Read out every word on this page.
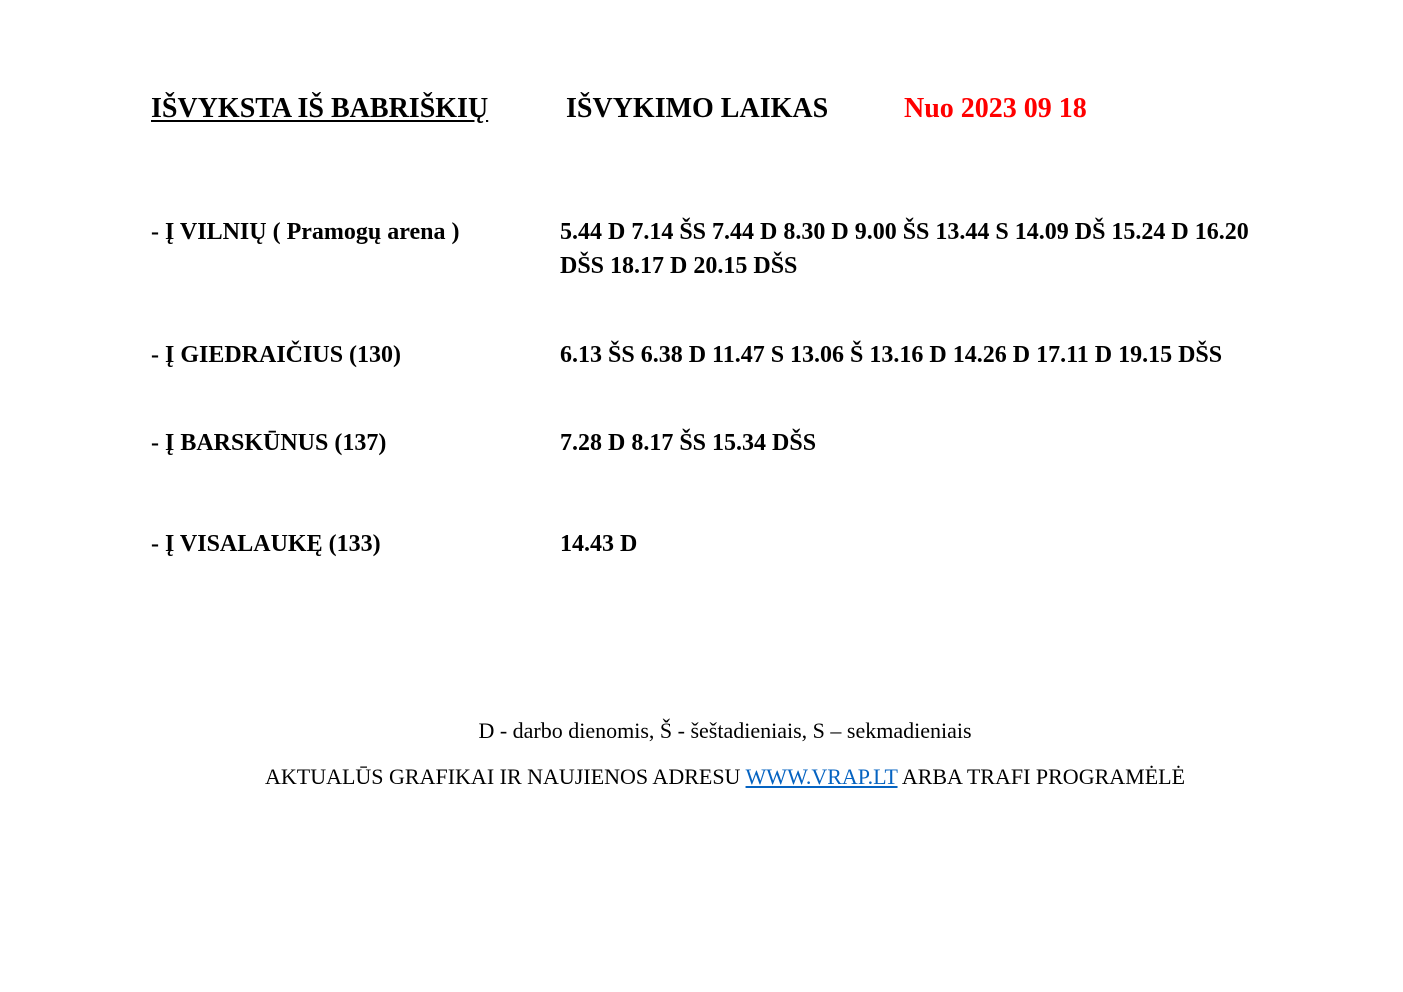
IŠVYKSTA IŠ BABRIŠKIŲ	IŠVYKIMO LAIKAS	Nuo 2023 09 18
- Į VILNIŲ ( Pramogų arena )	5.44 D 7.14 ŠS 7.44 D 8.30 D 9.00 ŠS 13.44 S 14.09 DŠ 15.24 D 16.20 DŠS 18.17 D 20.15 DŠS
- Į GIEDRAIČIUS (130)	6.13 ŠS 6.38 D 11.47 S 13.06 Š 13.16 D 14.26 D 17.11 D 19.15 DŠS
- Į BARSKŪNUS (137)	7.28 D 8.17 ŠS 15.34 DŠS
- Į VISALAUKĘ (133)	14.43 D
D - darbo dienomis, Š - šeštadieniais, S – sekmadieniais
AKTUALŪS GRAFIKAI IR NAUJIENOS ADRESU WWW.VRAP.LT ARBA TRAFI PROGRAMĖLĖ
